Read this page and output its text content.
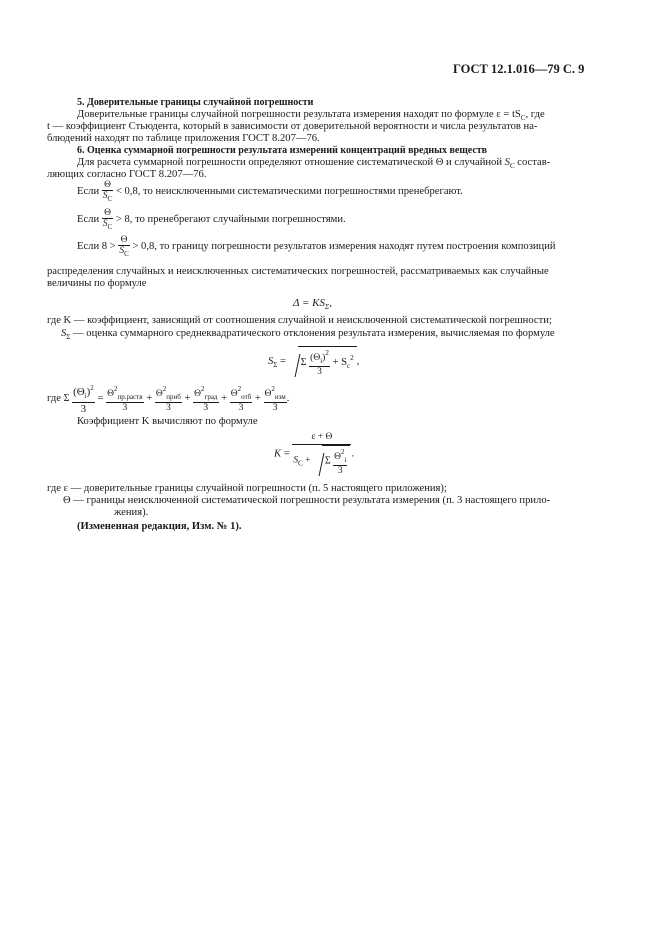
ГОСТ 12.1.016—79 С. 9
5. Доверительные границы случайной погрешности
Доверительные границы случайной погрешности результата измерения находят по формуле $\varepsilon = tS_C$, где
t — коэффициент Стьюдента, который в зависимости от доверительной вероятности и числа результатов на-
блюдений находят по таблице приложения ГОСТ 8.207—76.
6. Оценка суммарной погрешности результата измерений концентраций вредных веществ
Для расчета суммарной погрешности определяют отношение систематической Θ и случайной $S_C$ состав-
ляющих согласно ГОСТ 8.207—76.
Если $\frac{\Theta}{S_C} < 0,8$, то неисключенными систематическими погрешностями пренебрегают.
Если $\frac{\Theta}{S_C} > 8$, то пренебрегают случайными погрешностями.
Если $8 > \frac{\Theta}{S_C} > 0,8$, то границу погрешности результатов измерения находят путем построения композиций
распределения случайных и неисключенных систематических погрешностей, рассматриваемых как случайные
величины по формуле
$\Delta = KS_\Sigma$,
где K — коэффициент, зависящий от соотношения случайной и неисключенной систематической погрешности;
$S_\Sigma$ — оценка суммарного среднеквадратического отклонения результата измерения, вычисляемая по формуле
$S_\Sigma = \Sigma \frac{(\Theta_i)^2}{3} + S_c^2$ ,
где Σ $\frac{(\Theta_i)^2}{3} = \frac{\Theta^2_{пр.раств}}{3} + \frac{\Theta^2_{приб}}{3} + \frac{\Theta^2_{град}}{3} + \frac{\Theta^2_{отб}}{3} + \frac{\Theta^2_{изм}}{3}$ .
Коэффициент K вычисляют по формуле
K =
ε + Θ
$S_C + \Sigma \frac{\Theta^2_i}{3}$ .
где ε — доверительные границы случайной погрешности (п. 5 настоящего приложения);
Θ — границы неисключенной систематической погрешности результата измерения (п. 3 настоящего прило-
жения).
(Измененная редакция, Изм. № 1).
